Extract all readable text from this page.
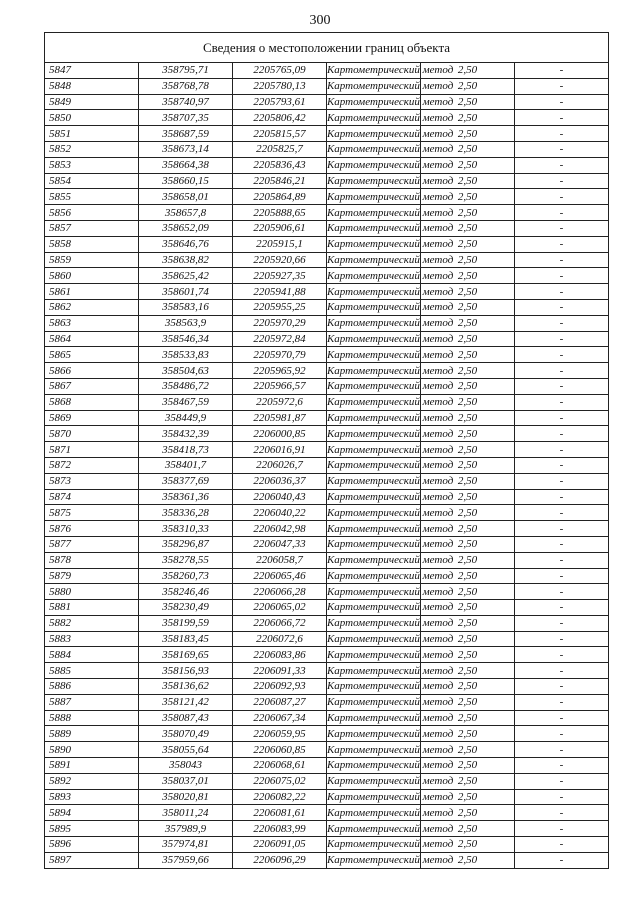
300
Сведения о местоположении границ объекта					
5847	358795,71	2205765,09	Картометрический метод	2,50	-
5848	358768,78	2205780,13	Картометрический метод	2,50	-
5849	358740,97	2205793,61	Картометрический метод	2,50	-
5850	358707,35	2205806,42	Картометрический метод	2,50	-
5851	358687,59	2205815,57	Картометрический метод	2,50	-
5852	358673,14	2205825,7	Картометрический метод	2,50	-
5853	358664,38	2205836,43	Картометрический метод	2,50	-
5854	358660,15	2205846,21	Картометрический метод	2,50	-
5855	358658,01	2205864,89	Картометрический метод	2,50	-
5856	358657,8	2205888,65	Картометрический метод	2,50	-
5857	358652,09	2205906,61	Картометрический метод	2,50	-
5858	358646,76	2205915,1	Картометрический метод	2,50	-
5859	358638,82	2205920,66	Картометрический метод	2,50	-
5860	358625,42	2205927,35	Картометрический метод	2,50	-
5861	358601,74	2205941,88	Картометрический метод	2,50	-
5862	358583,16	2205955,25	Картометрический метод	2,50	-
5863	358563,9	2205970,29	Картометрический метод	2,50	-
5864	358546,34	2205972,84	Картометрический метод	2,50	-
5865	358533,83	2205970,79	Картометрический метод	2,50	-
5866	358504,63	2205965,92	Картометрический метод	2,50	-
5867	358486,72	2205966,57	Картометрический метод	2,50	-
5868	358467,59	2205972,6	Картометрический метод	2,50	-
5869	358449,9	2205981,87	Картометрический метод	2,50	-
5870	358432,39	2206000,85	Картометрический метод	2,50	-
5871	358418,73	2206016,91	Картометрический метод	2,50	-
5872	358401,7	2206026,7	Картометрический метод	2,50	-
5873	358377,69	2206036,37	Картометрический метод	2,50	-
5874	358361,36	2206040,43	Картометрический метод	2,50	-
5875	358336,28	2206040,22	Картометрический метод	2,50	-
5876	358310,33	2206042,98	Картометрический метод	2,50	-
5877	358296,87	2206047,33	Картометрический метод	2,50	-
5878	358278,55	2206058,7	Картометрический метод	2,50	-
5879	358260,73	2206065,46	Картометрический метод	2,50	-
5880	358246,46	2206066,28	Картометрический метод	2,50	-
5881	358230,49	2206065,02	Картометрический метод	2,50	-
5882	358199,59	2206066,72	Картометрический метод	2,50	-
5883	358183,45	2206072,6	Картометрический метод	2,50	-
5884	358169,65	2206083,86	Картометрический метод	2,50	-
5885	358156,93	2206091,33	Картометрический метод	2,50	-
5886	358136,62	2206092,93	Картометрический метод	2,50	-
5887	358121,42	2206087,27	Картометрический метод	2,50	-
5888	358087,43	2206067,34	Картометрический метод	2,50	-
5889	358070,49	2206059,95	Картометрический метод	2,50	-
5890	358055,64	2206060,85	Картометрический метод	2,50	-
5891	358043	2206068,61	Картометрический метод	2,50	-
5892	358037,01	2206075,02	Картометрический метод	2,50	-
5893	358020,81	2206082,22	Картометрический метод	2,50	-
5894	358011,24	2206081,61	Картометрический метод	2,50	-
5895	357989,9	2206083,99	Картометрический метод	2,50	-
5896	357974,81	2206091,05	Картометрический метод	2,50	-
5897	357959,66	2206096,29	Картометрический метод	2,50	-
